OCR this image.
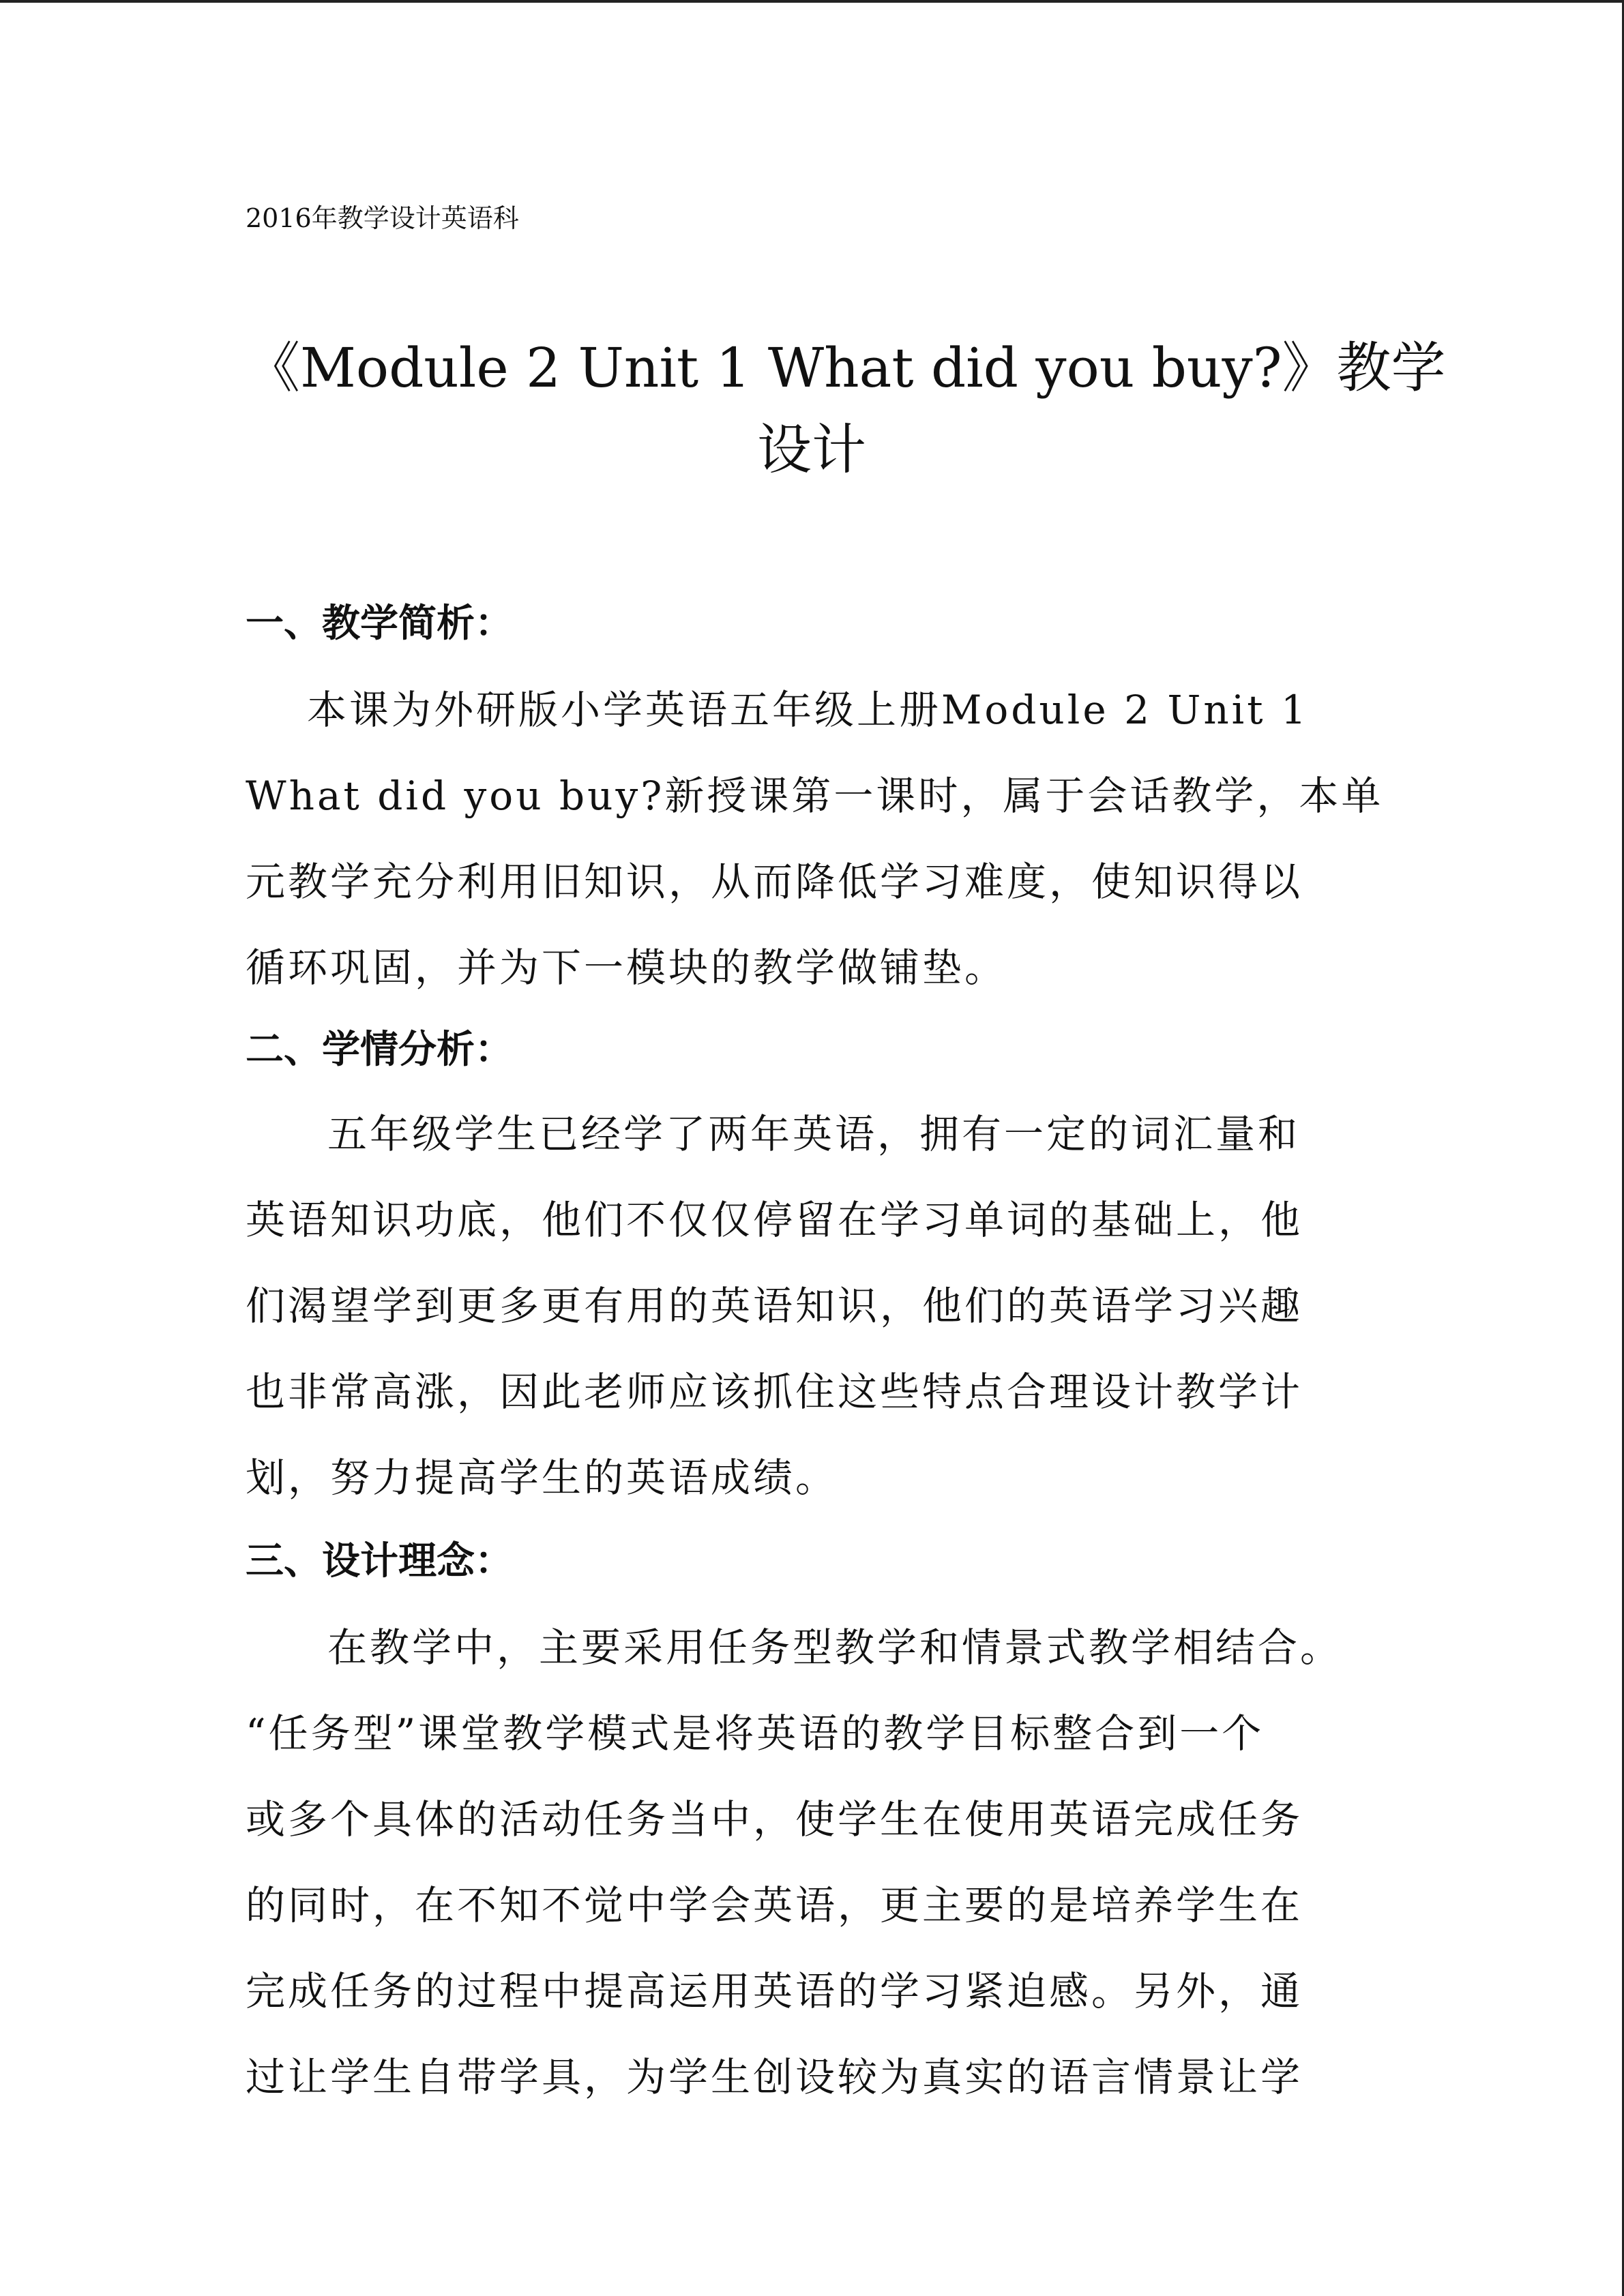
2016年教学设计英语科
《Module 2 Unit 1 What did you buy?》教学
设计
一、教学简析：
本课为外研版小学英语五年级上册Module 2 Unit 1
What did you buy?新授课第一课时，属于会话教学，本单
元教学充分利用旧知识，从而降低学习难度，使知识得以
循环巩固，并为下一模块的教学做铺垫。
二、学情分析：
五年级学生已经学了两年英语，拥有一定的词汇量和
英语知识功底，他们不仅仅停留在学习单词的基础上，他
们渴望学到更多更有用的英语知识，他们的英语学习兴趣
也非常高涨，因此老师应该抓住这些特点合理设计教学计
划，努力提高学生的英语成绩。
三、设计理念：
在教学中，主要采用任务型教学和情景式教学相结合。
“任务型”课堂教学模式是将英语的教学目标整合到一个
或多个具体的活动任务当中，使学生在使用英语完成任务
的同时，在不知不觉中学会英语，更主要的是培养学生在
完成任务的过程中提高运用英语的学习紧迫感。另外，通
过让学生自带学具，为学生创设较为真实的语言情景让学
